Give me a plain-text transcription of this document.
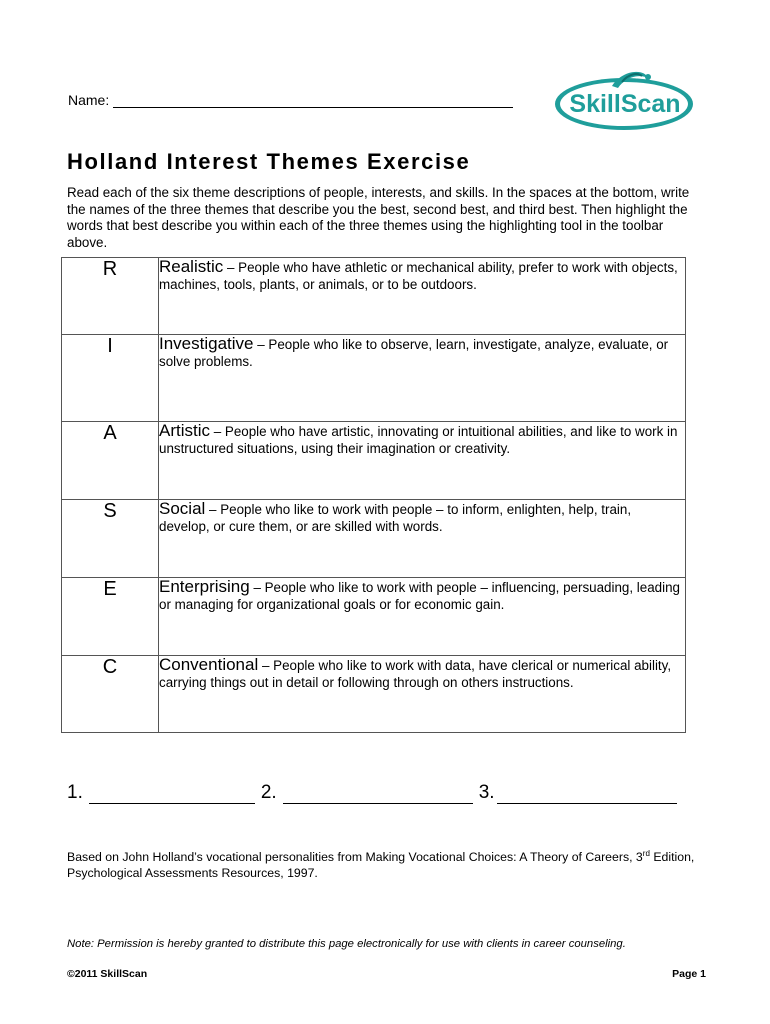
Name:	SkillScan
Holland Interest Themes Exercise

Read each of the six theme descriptions of people, interests, and skills. In the spaces at the bottom, write the names of the three themes that describe you the best, second best, and third best. Then highlight the words that best describe you within each of the three themes using the highlighting tool in the toolbar above.

R	Realistic – People who have athletic or mechanical ability, prefer to work with objects, machines, tools, plants, or animals, or to be outdoors.
I	Investigative – People who like to observe, learn, investigate, analyze, evaluate, or solve problems.
A	Artistic – People who have artistic, innovating or intuitional abilities, and like to work in unstructured situations, using their imagination or creativity.
S	Social – People who like to work with people – to inform, enlighten, help, train, develop, or cure them, or are skilled with words.
E	Enterprising – People who like to work with people – influencing, persuading, leading or managing for organizational goals or for economic gain.
C	Conventional – People who like to work with data, have clerical or numerical ability, carrying things out in detail or following through on others instructions.
1.	2.	3.

Based on John Holland’s vocational personalities from Making Vocational Choices: A Theory of Careers, 3rd Edition, Psychological Assessments Resources, 1997.

Note: Permission is hereby granted to distribute this page electronically for use with clients in career counseling.

©2011 SkillScan	Page 1
